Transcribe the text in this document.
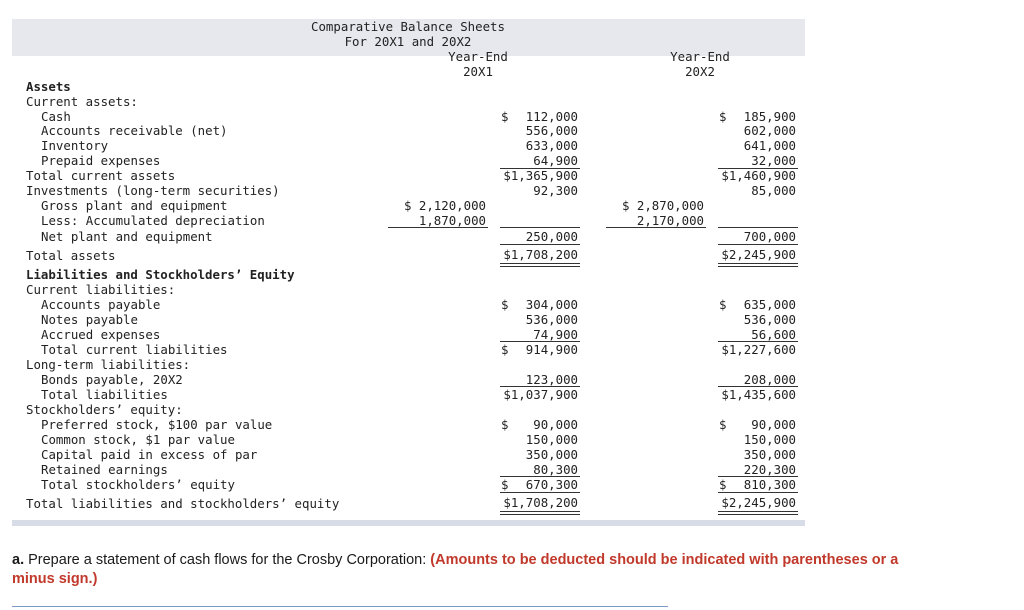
Comparative Balance Sheets
For 20X1 and 20X2
Year-End
20X1
Year-End
20X2
Assets
Current assets:
Cash	$	112,000	$	185,900
Accounts receivable (net)	556,000	602,000
Inventory	633,000	641,000
Prepaid expenses	64,900	32,000
Total current assets	$1,365,900	$1,460,900
Investments (long-term securities)	92,300	85,000
Gross plant and equipment	$ 2,120,000	$ 2,870,000
Less: Accumulated depreciation	1,870,000	2,170,000
Net plant and equipment	250,000	700,000
Total assets	$1,708,200	$2,245,900
Liabilities and Stockholders’ Equity
Current liabilities:
Accounts payable	$	304,000	$	635,000
Notes payable	536,000	536,000
Accrued expenses	74,900	56,600
Total current liabilities	$	914,900	$1,227,600
Long-term liabilities:
Bonds payable, 20X2	123,000	208,000
Total liabilities	$1,037,900	$1,435,600
Stockholders’ equity:
Preferred stock, $100 par value	$	90,000	$	90,000
Common stock, $1 par value	150,000	150,000
Capital paid in excess of par	350,000	350,000
Retained earnings	80,300	220,300
Total stockholders’ equity	$	670,300	$	810,300
Total liabilities and stockholders’ equity	$1,708,200	$2,245,900
a. Prepare a statement of cash flows for the Crosby Corporation: (Amounts to be deducted should be indicated with parentheses or a minus sign.)
